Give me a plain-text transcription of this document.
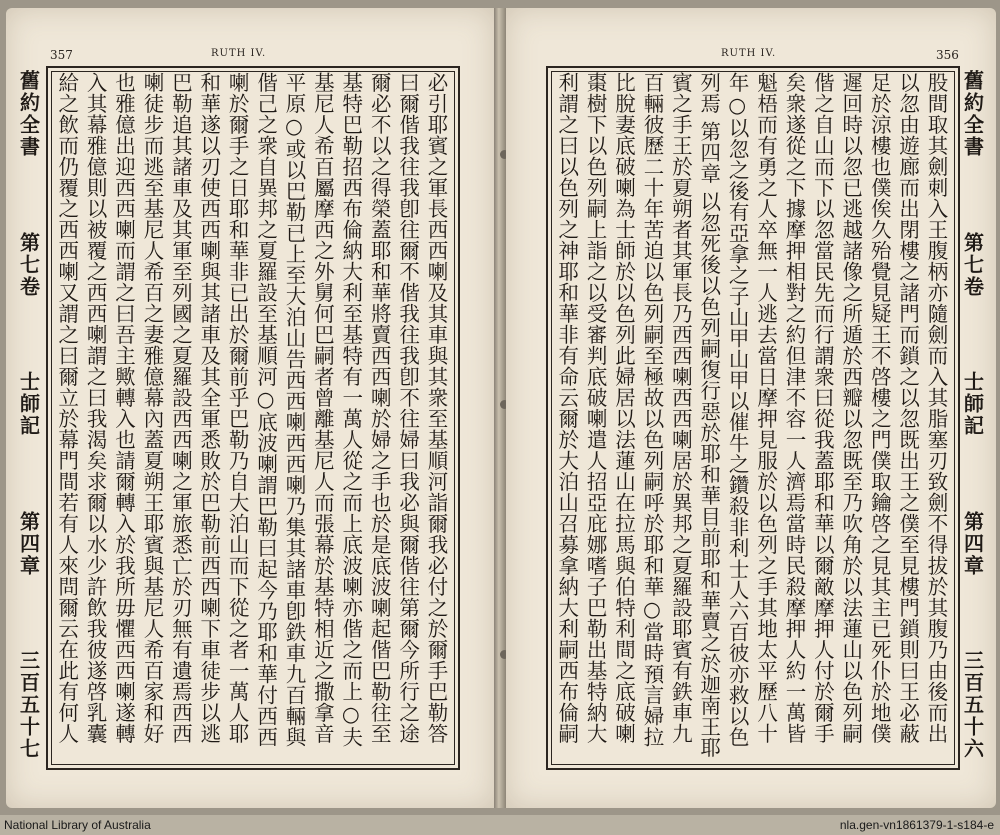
357	RUTH IV.
舊約全書
第七卷
士師記
第四章
三百五十七

必引耶賓之軍長西西喇及其車與其衆至基順河詣爾我必付之於爾手巴勒答曰爾偕我往我卽往爾不偕我往我卽不往婦曰我必與爾偕往第爾今所行之途爾必不以之得榮蓋耶和華將賣西西喇於婦之手也於是底波喇起偕巴勒往至基特巴勒招西布倫納大利至基特有一萬人從之而上底波喇亦偕之而上○夫基尼人希百屬摩西之外舅何巴嗣者曾離基尼人而張幕於基特相近之撒拿音平原○或以巴勒已上至大泊山告西西喇西西喇乃集其諸車卽鉄車九百輛與偕己之衆自異邦之夏羅設至基順河○底波喇謂巴勒曰起今乃耶和華付西西喇於爾手之日耶和華非已出於爾前乎巴勒乃自大泊山而下從之者一萬人耶和華遂以刃使西西喇與其諸車及其全軍悉敗於巴勒前西西喇下車徒步以逃巴勒追其諸車及其軍至列國之夏羅設西西喇之軍旅悉亡於刃無有遺焉西西喇徒步而逃至基尼人希百之妻雅億幕內蓋夏朔王耶賓與基尼人希百家和好也雅億出迎西西喇而謂之曰吾主歟轉入也請爾轉入於我所毋懼西西喇遂轉入其幕雅億則以被覆之西西喇謂之曰我渴矣求爾以水少許飲我彼遂啓乳囊給之飲而仍覆之西西喇又謂之曰爾立於幕門間若有人來問爾云在此有何人

356
RUTH IV.
舊約全書
第七卷
士師記
第四章
三百五十六

股間取其劍刺入王腹柄亦隨劍而入其脂塞刃致劍不得拔於其腹乃由後而出以忽由遊廊而出閉樓之諸門而鎖之以忽既出王之僕至見樓門鎖則曰王必蔽足於涼樓也僕俟久殆覺見疑王不啓樓之門僕取鑰啓之見其主已死仆於地僕遲回時以忽已逃越諸像之所遁於西瓣以忽既至乃吹角於以法蓮山以色列嗣偕之自山而下以忽當民先而行謂衆曰從我蓋耶和華以爾敵摩押人付於爾手矣衆遂從之下據摩押相對之約但津不容一人濟焉當時民殺摩押人約一萬皆魁梧而有勇之人卒無一人逃去當日摩押見服於以色列之手其地太平歷八十年○以忽之後有亞拿之子山甲山甲以催牛之鑽殺非利士人六百彼亦救以色列焉 第四章 以忽死後以色列嗣復行惡於耶和華目前耶和華賣之於迦南王耶賓之手王於夏朔者其軍長乃西西喇西西喇居於異邦之夏羅設耶賓有鉄車九百輛彼歷二十年苦迫以色列嗣至極故以色列嗣呼於耶和華○當時預言婦拉比脫妻底破喇為士師於以色列此婦居以法蓮山在拉馬與伯特利間之底破喇棗樹下以色列嗣上詣之以受審判底破喇遣人招亞庇娜嗜子巴勒出基特納大利謂之曰以色列之神耶和華非有命云爾於大泊山召募拿納大利嗣西布倫嗣

National Library of Australia	nla.gen-vn1861379-1-s184-e
